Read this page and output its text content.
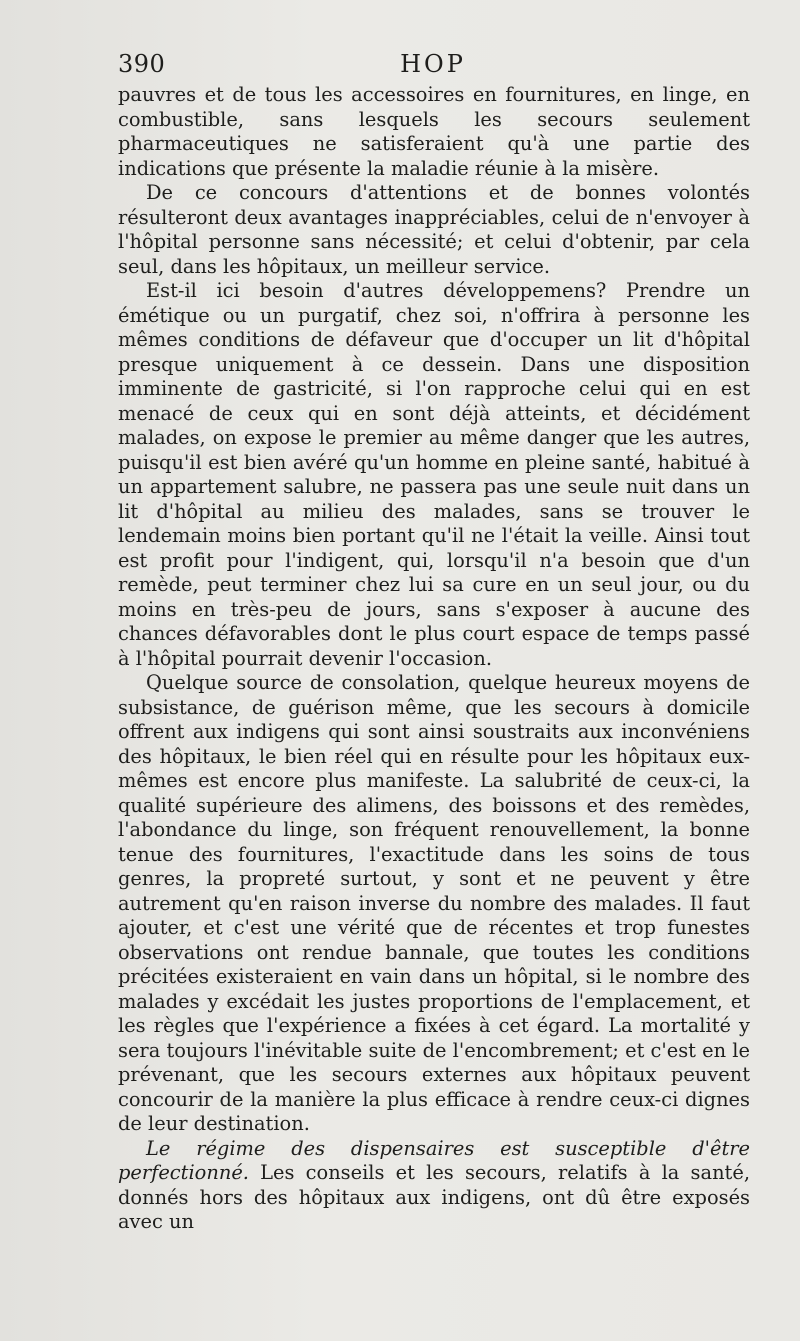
390	HOP

pauvres et de tous les accessoires en fournitures, en linge, en combustible, sans lesquels les secours seulement pharmaceutiques ne satisferaient qu'à une partie des indications que présente la maladie réunie à la misère.

De ce concours d'attentions et de bonnes volontés résulteront deux avantages inappréciables, celui de n'envoyer à l'hôpital personne sans nécessité; et celui d'obtenir, par cela seul, dans les hôpitaux, un meilleur service.

Est-il ici besoin d'autres développemens? Prendre un émétique ou un purgatif, chez soi, n'offrira à personne les mêmes conditions de défaveur que d'occuper un lit d'hôpital presque uniquement à ce dessein. Dans une disposition imminente de gastricité, si l'on rapproche celui qui en est menacé de ceux qui en sont déjà atteints, et décidément malades, on expose le premier au même danger que les autres, puisqu'il est bien avéré qu'un homme en pleine santé, habitué à un appartement salubre, ne passera pas une seule nuit dans un lit d'hôpital au milieu des malades, sans se trouver le lendemain moins bien portant qu'il ne l'était la veille. Ainsi tout est profit pour l'indigent, qui, lorsqu'il n'a besoin que d'un remède, peut terminer chez lui sa cure en un seul jour, ou du moins en très-peu de jours, sans s'exposer à aucune des chances défavorables dont le plus court espace de temps passé à l'hôpital pourrait devenir l'occasion.

Quelque source de consolation, quelque heureux moyens de subsistance, de guérison même, que les secours à domicile offrent aux indigens qui sont ainsi soustraits aux inconvéniens des hôpitaux, le bien réel qui en résulte pour les hôpitaux eux-mêmes est encore plus manifeste. La salubrité de ceux-ci, la qualité supérieure des alimens, des boissons et des remèdes, l'abondance du linge, son fréquent renouvellement, la bonne tenue des fournitures, l'exactitude dans les soins de tous genres, la propreté surtout, y sont et ne peuvent y être autrement qu'en raison inverse du nombre des malades. Il faut ajouter, et c'est une vérité que de récentes et trop funestes observations ont rendue bannale, que toutes les conditions précitées existeraient en vain dans un hôpital, si le nombre des malades y excédait les justes proportions de l'emplacement, et les règles que l'expérience a fixées à cet égard. La mortalité y sera toujours l'inévitable suite de l'encombrement; et c'est en le prévenant, que les secours externes aux hôpitaux peuvent concourir de la manière la plus efficace à rendre ceux-ci dignes de leur destination.

Le régime des dispensaires est susceptible d'être perfectionné. Les conseils et les secours, relatifs à la santé, donnés hors des hôpitaux aux indigens, ont dû être exposés avec un
